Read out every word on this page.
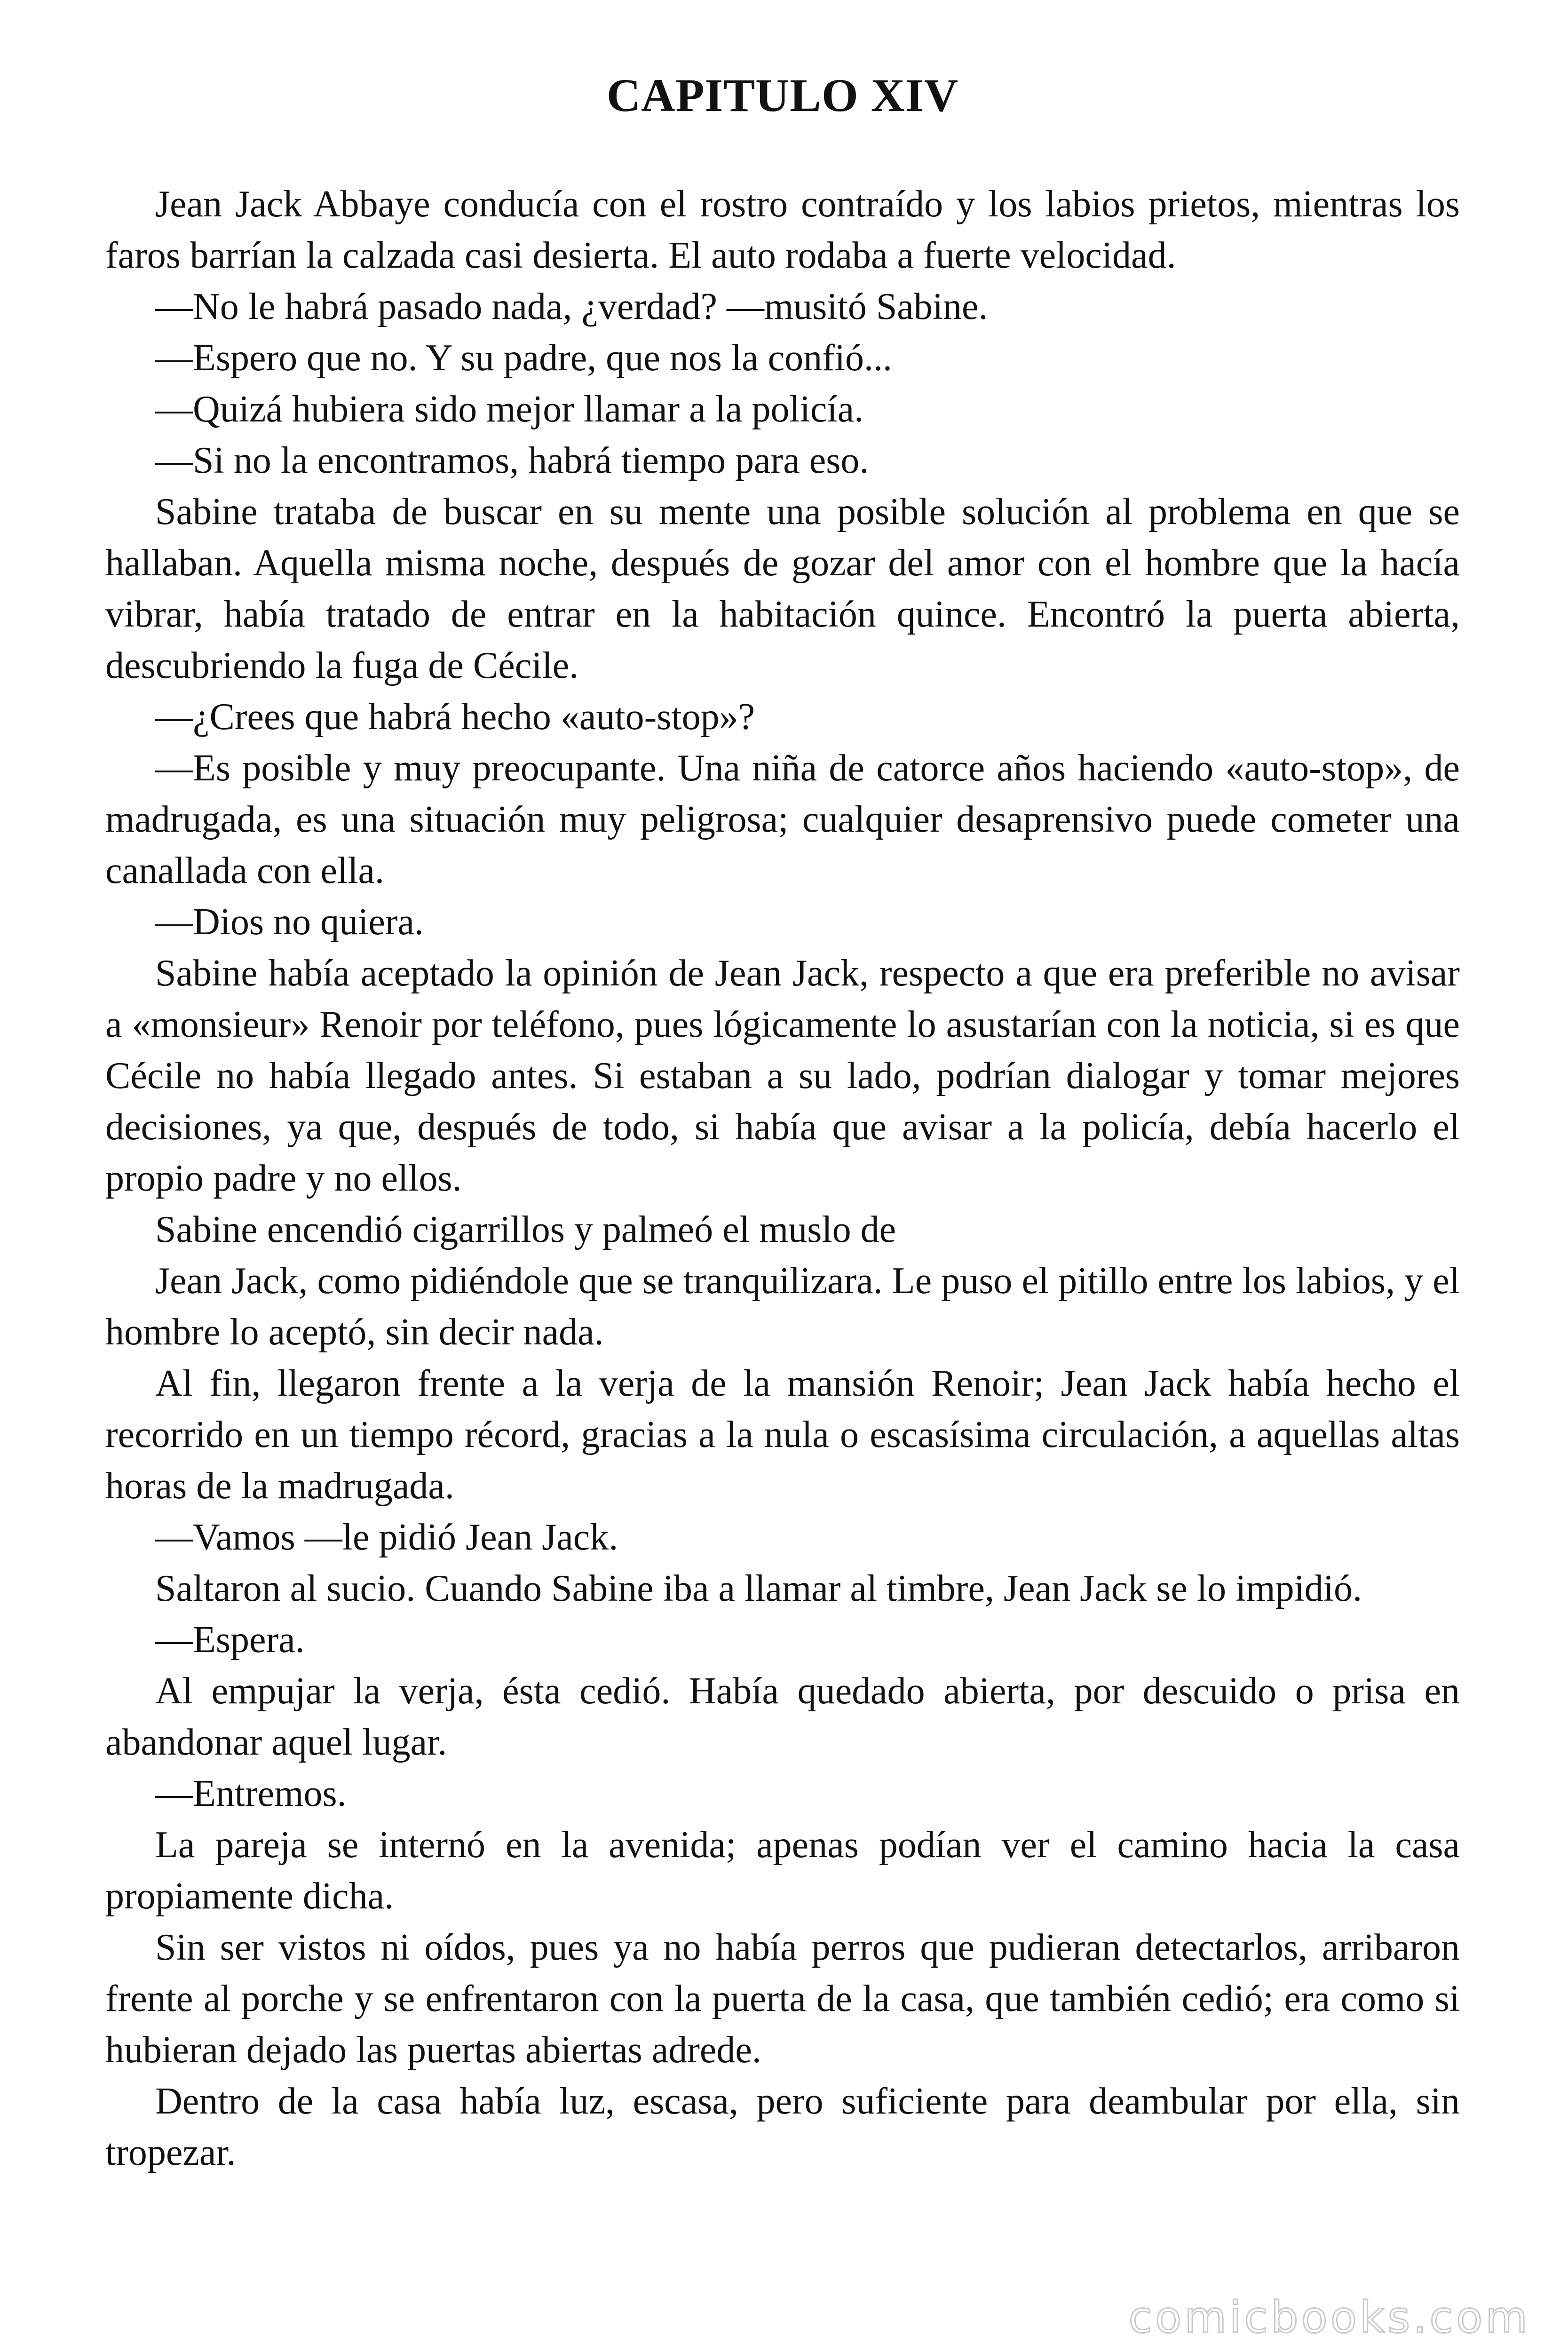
CAPITULO XIV

Jean Jack Abbaye conducía con el rostro contraído y los labios prietos, mientras los faros barrían la calzada casi desierta. El auto rodaba a fuerte velocidad.

—No le habrá pasado nada, ¿verdad? —musitó Sabine.

—Espero que no. Y su padre, que nos la confió...

—Quizá hubiera sido mejor llamar a la policía.

—Si no la encontramos, habrá tiempo para eso.

Sabine trataba de buscar en su mente una posible solución al problema en que se hallaban. Aquella misma noche, después de gozar del amor con el hombre que la hacía vibrar, había tratado de entrar en la habitación quince. Encontró la puerta abierta, descubriendo la fuga de Cécile.

—¿Crees que habrá hecho «auto-stop»?

—Es posible y muy preocupante. Una niña de catorce años haciendo «auto-stop», de madrugada, es una situación muy peligrosa; cualquier desaprensivo puede cometer una canallada con ella.

—Dios no quiera.

Sabine había aceptado la opinión de Jean Jack, respecto a que era preferible no avisar a «monsieur» Renoir por teléfono, pues lógicamente lo asustarían con la noticia, si es que Cécile no había llegado antes. Si estaban a su lado, podrían dialogar y tomar mejores decisiones, ya que, después de todo, si había que avisar a la policía, debía hacerlo el propio padre y no ellos.

Sabine encendió cigarrillos y palmeó el muslo de

Jean Jack, como pidiéndole que se tranquilizara. Le puso el pitillo entre los labios, y el hombre lo aceptó, sin decir nada.

Al fin, llegaron frente a la verja de la mansión Renoir; Jean Jack había hecho el recorrido en un tiempo récord, gracias a la nula o escasísima circulación, a aquellas altas horas de la madrugada.

—Vamos —le pidió Jean Jack.

Saltaron al sucio. Cuando Sabine iba a llamar al timbre, Jean Jack se lo impidió.

—Espera.

Al empujar la verja, ésta cedió. Había quedado abierta, por descuido o prisa en abandonar aquel lugar.

—Entremos.

La pareja se internó en la avenida; apenas podían ver el camino hacia la casa propiamente dicha.

Sin ser vistos ni oídos, pues ya no había perros que pudieran detectarlos, arribaron frente al porche y se enfrentaron con la puerta de la casa, que también cedió; era como si hubieran dejado las puertas abiertas adrede.

Dentro de la casa había luz, escasa, pero suficiente para deambular por ella, sin tropezar.

comicbooks.com
